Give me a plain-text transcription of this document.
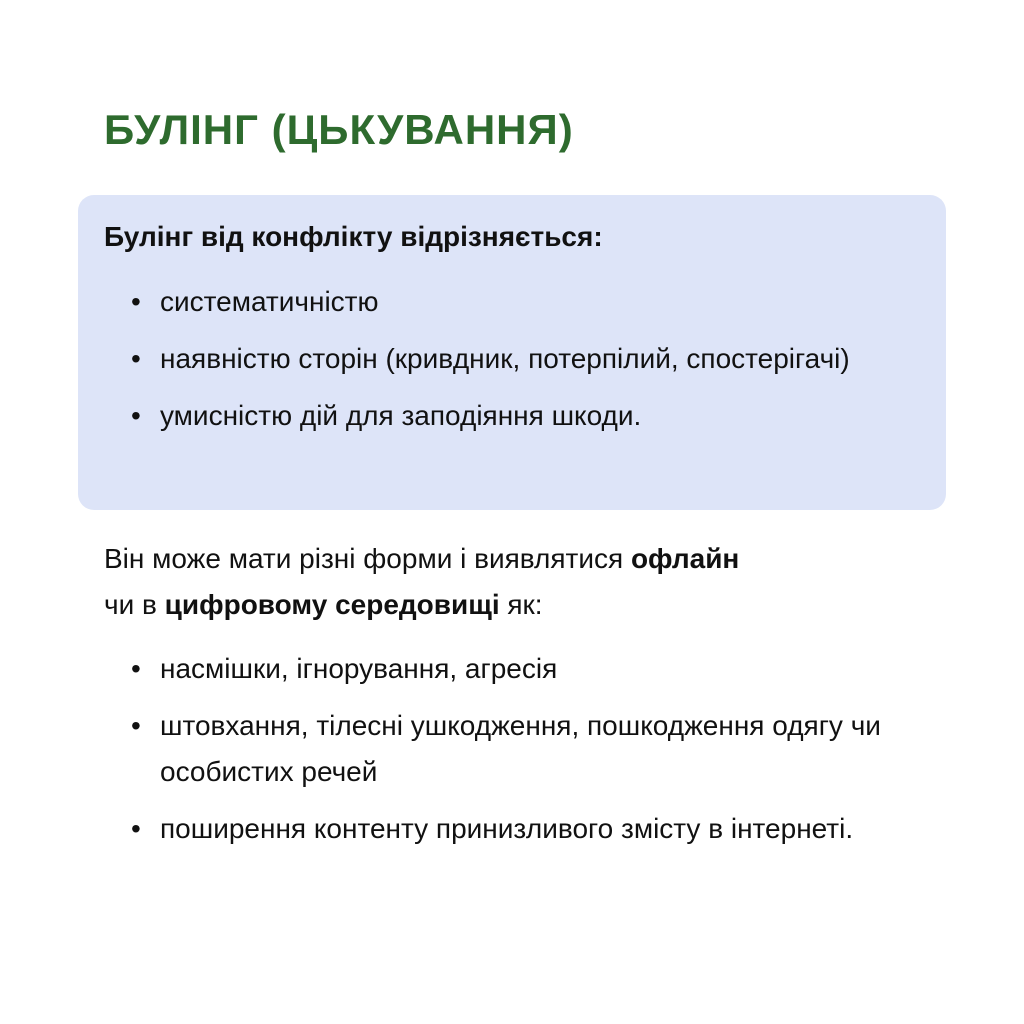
БУЛІНГ (ЦЬКУВАННЯ)

Булінг від конфлікту відрізняється:

• систематичністю
• наявністю сторін (кривдник, потерпілий, спостерігачі)
• умисністю дій для заподіяння шкоди.

Він може мати різні форми і виявлятися офлайн
чи в цифровому середовищі як:

• насмішки, ігнорування, агресія
• штовхання, тілесні ушкодження, пошкодження одягу чи особистих речей
• поширення контенту принизливого змісту в інтернеті.
